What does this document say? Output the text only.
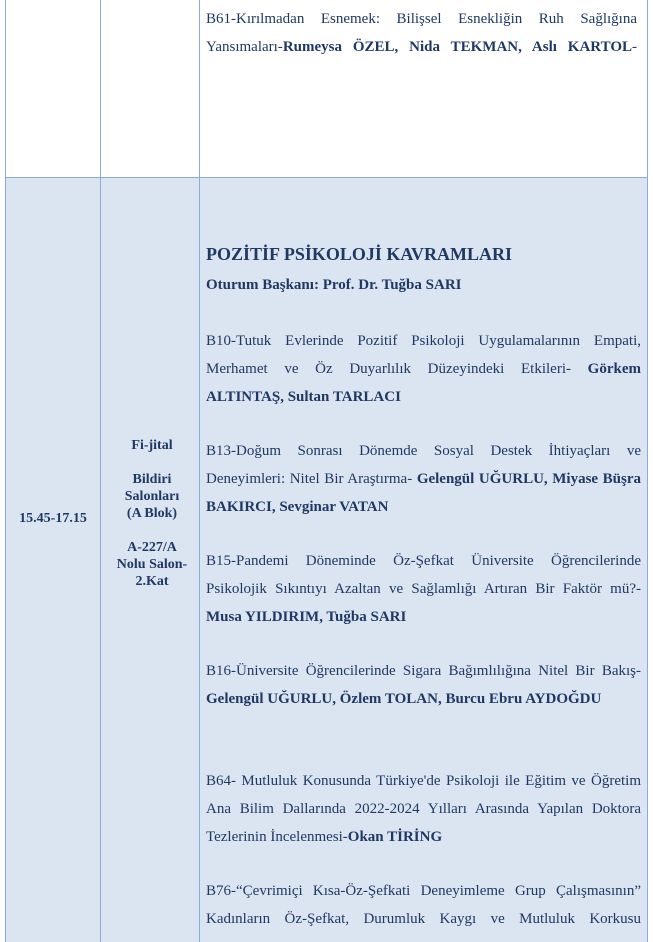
B61-Kırılmadan Esnemek: Bilişsel Esnekliğin Ruh Sağlığına Yansımaları-Rumeysa ÖZEL, Nida TEKMAN, Aslı KARTOL-
15.45-17.15
Fi-jital
Bildiri
Salonları
(A Blok)
A-227/A
Nolu Salon-
2.Kat
POZİTİF PSİKOLOJİ KAVRAMLARI
Oturum Başkanı: Prof. Dr. Tuğba SARI
B10-Tutuk Evlerinde Pozitif Psikoloji Uygulamalarının Empati, Merhamet ve Öz Duyarlılık Düzeyindeki Etkileri- Görkem ALTINTAŞ, Sultan TARLACI
B13-Doğum Sonrası Dönemde Sosyal Destek İhtiyaçları ve Deneyimleri: Nitel Bir Araştırma- Gelengül UĞURLU, Miyase Büşra BAKIRCI, Sevginar VATAN
B15-Pandemi Döneminde Öz-Şefkat Üniversite Öğrencilerinde Psikolojik Sıkıntıyı Azaltan ve Sağlamlığı Artıran Bir Faktör mü?- Musa YILDIRIM, Tuğba SARI
B16-Üniversite Öğrencilerinde Sigara Bağımlılığına Nitel Bir Bakış-Gelengül UĞURLU, Özlem TOLAN, Burcu Ebru AYDOĞDU
B64- Mutluluk Konusunda Türkiye'de Psikoloji ile Eğitim ve Öğretim Ana Bilim Dallarında 2022-2024 Yılları Arasında Yapılan Doktora Tezlerinin İncelenmesi-Okan TİRİNG
B76-“Çevrimiçi Kısa-Öz-Şefkati Deneyimleme Grup Çalışmasının” Kadınların Öz-Şefkat, Durumluk Kaygı ve Mutluluk Korkusu
